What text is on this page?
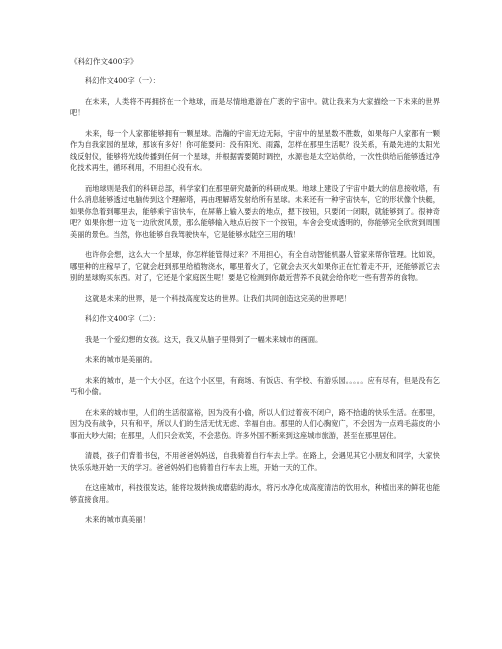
《科幻作文400字》

科幻作文400字（一）：

在未来，人类将不再拥挤在一个地球，而是尽情地遨游在广袤的宇宙中。就让我来为大家描绘一下未来的世界吧！

未来，每一个人家都能够拥有一颗星球。浩瀚的宇宙无边无际，宇宙中的星星数不胜数，如果每户人家都有一颗作为自我家园的星球，那该有多好！你可能要问：没有阳光、雨露，怎样在那里生活呢？没关系，有最先进的太阳光线反射仪，能够将光线传播到任何一个星球，并根据需要随时调控，水源也是太空站供给，一次性供给后能够透过净化技术再生，循环利用，不用担心没有水。

而地球则是我们的科研总部，科学家们在那里研究最新的科研成果。地球上建设了宇宙中最大的信息接收塔，有什么消息能够透过电脑传到这个理解塔，再由理解塔发射给所有星球。未来还有一种宇宙快车，它的形状像个快艇，如果你急着到哪里去，能够乘宇宙快车，在屏幕上输入要去的地点，摁下按钮，只要闭一闭眼，就能够到了。很神奇吧？如果你想一边飞一边欣赏风景，那么能够输入地点后按下一个按钮，车舍会变成透明的，你能够完全欣赏到周围美丽的景色。当然，你也能够自我驾驶快车，它是能够水陆空三用的哦！

也许你会想，这么大一个星球，你怎样能管得过来？不用担心，有全自动智能机器人管家来帮你管理。比如说，哪里种的庄稼早了，它就会赶到那里给植物浇水，哪里着火了，它就会去灭火如果你正在忙着走不开，还能够派它去别的星球购买东西。对了，它还是个家庭医生呢！要是它检测到你最近营养不良就会给你吃一些有营养的食物。

这就是未来的世界，是一个科技高度发达的世界。让我们共同创造这完美的世界吧！

科幻作文400字（二）：

我是一个爱幻想的女孩。这天，我又从脑子里得到了一幅未来城市的画面。

未来的城市是美丽的。

未来的城市，是一个大小区，在这个小区里，有商场、有饭店、有学校、有游乐园。。。。。应有尽有，但是没有乞丐和小偷。

在未来的城市里，人们的生活很富裕，因为没有小偷，所以人们过着夜不闭户，路不拾遗的快乐生活。在那里，因为没有战争，只有和平，所以人们的生活无忧无虑、幸福自由。那里的人们心胸宽广，不会因为一点鸡毛蒜皮的小事而大吵大闹；在那里，人们只会欢笑，不会悲伤。许多外国不断来到这座城市旅游，甚至在那里居住。

清晨，孩子们背着书包，不用爸爸妈妈送，自我骑着自行车去上学。在路上，会遇见其它小朋友和同学，大家快快乐乐地开始一天的学习。爸爸妈妈们也骑着自行车去上班，开始一天的工作。

在这座城市，科技很发达，能将垃圾转换成磨菇的海水，将污水净化成高度清洁的饮用水，种植出来的鲜花也能够直接食用。

未来的城市真美丽！
